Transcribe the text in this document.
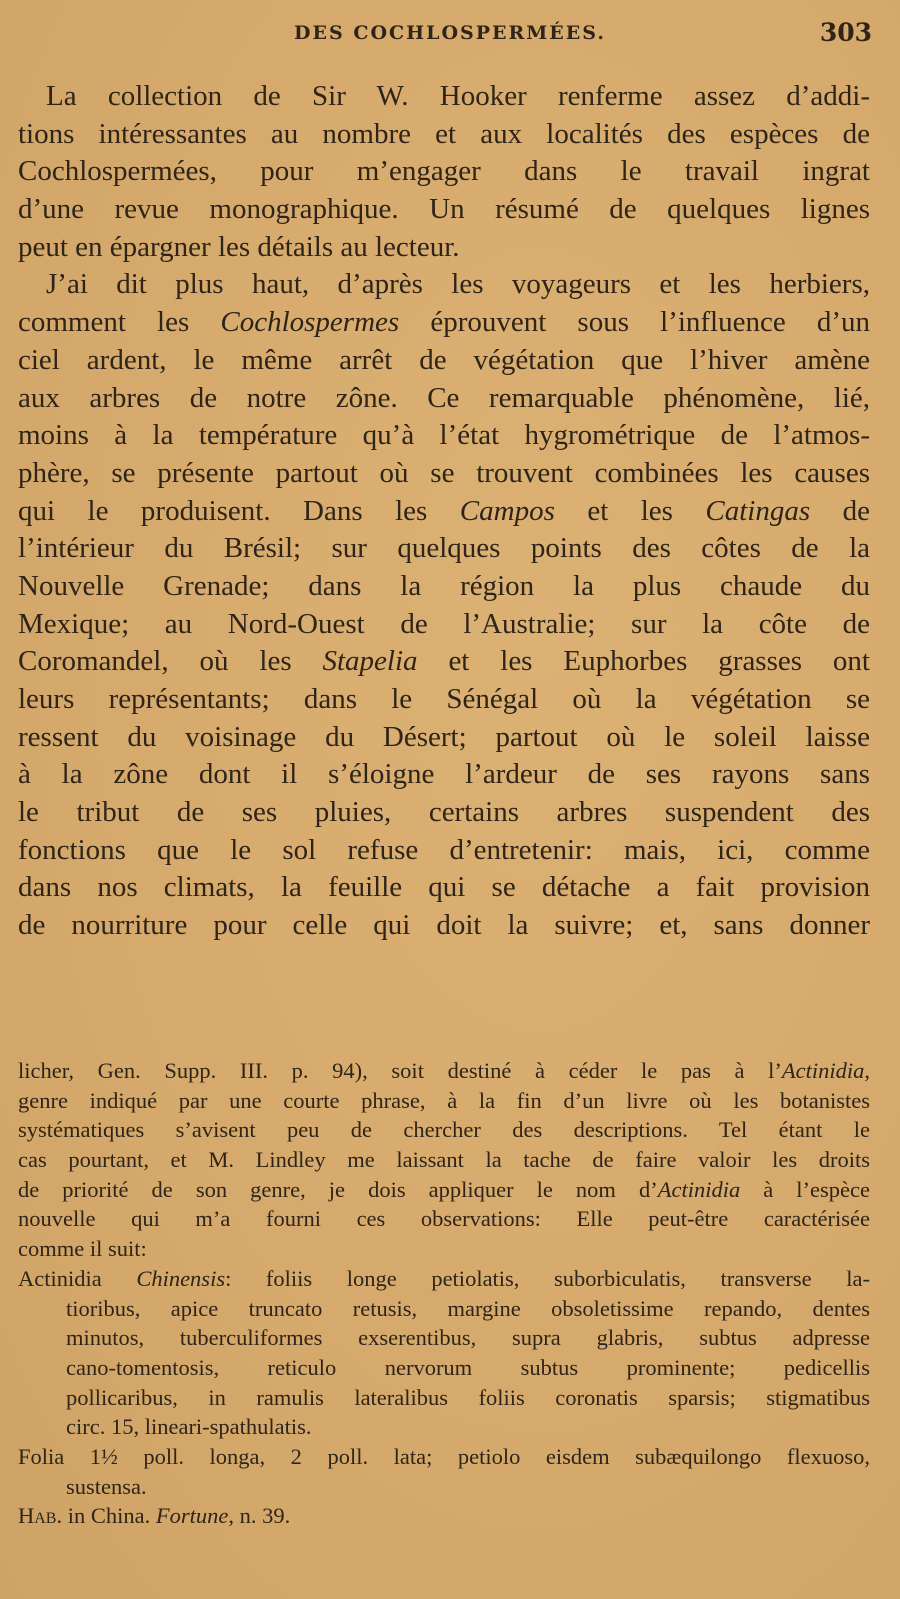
DES COCHLOSPERMÉES.	303
La collection de Sir W. Hooker renferme assez d’addi-
tions intéressantes au nombre et aux localités des espèces de
Cochlospermées, pour m’engager dans le travail ingrat
d’une revue monographique. Un résumé de quelques lignes
peut en épargner les détails au lecteur.
J’ai dit plus haut, d’après les voyageurs et les herbiers,
comment les Cochlospermes éprouvent sous l’influence d’un
ciel ardent, le même arrêt de végétation que l’hiver amène
aux arbres de notre zône. Ce remarquable phénomène, lié,
moins à la température qu’à l’état hygrométrique de l’atmos-
phère, se présente partout où se trouvent combinées les causes
qui le produisent. Dans les Campos et les Catingas de
l’intérieur du Brésil; sur quelques points des côtes de la
Nouvelle Grenade; dans la région la plus chaude du
Mexique; au Nord-Ouest de l’Australie; sur la côte de
Coromandel, où les Stapelia et les Euphorbes grasses ont
leurs représentants; dans le Sénégal où la végétation se
ressent du voisinage du Désert; partout où le soleil laisse
à la zône dont il s’éloigne l’ardeur de ses rayons sans
le tribut de ses pluies, certains arbres suspendent des
fonctions que le sol refuse d’entretenir: mais, ici, comme
dans nos climats, la feuille qui se détache a fait provision
de nourriture pour celle qui doit la suivre; et, sans donner
licher, Gen. Supp. III. p. 94), soit destiné à céder le pas à l’Actinidia,
genre indiqué par une courte phrase, à la fin d’un livre où les botanistes
systématiques s’avisent peu de chercher des descriptions. Tel étant le
cas pourtant, et M. Lindley me laissant la tache de faire valoir les droits
de priorité de son genre, je dois appliquer le nom d’Actinidia à l’espèce
nouvelle qui m’a fourni ces observations: Elle peut-être caractérisée
comme il suit:
Actinidia Chinensis: foliis longe petiolatis, suborbiculatis, transverse la-
tioribus, apice truncato retusis, margine obsoletissime repando, dentes
minutos, tuberculiformes exserentibus, supra glabris, subtus adpresse
cano-tomentosis, reticulo nervorum subtus prominente; pedicellis
pollicaribus, in ramulis lateralibus foliis coronatis sparsis; stigmatibus
circ. 15, lineari-spathulatis.
Folia 1½ poll. longa, 2 poll. lata; petiolo eisdem subæquilongo flexuoso,
sustensa.
Hab. in China. Fortune, n. 39.
